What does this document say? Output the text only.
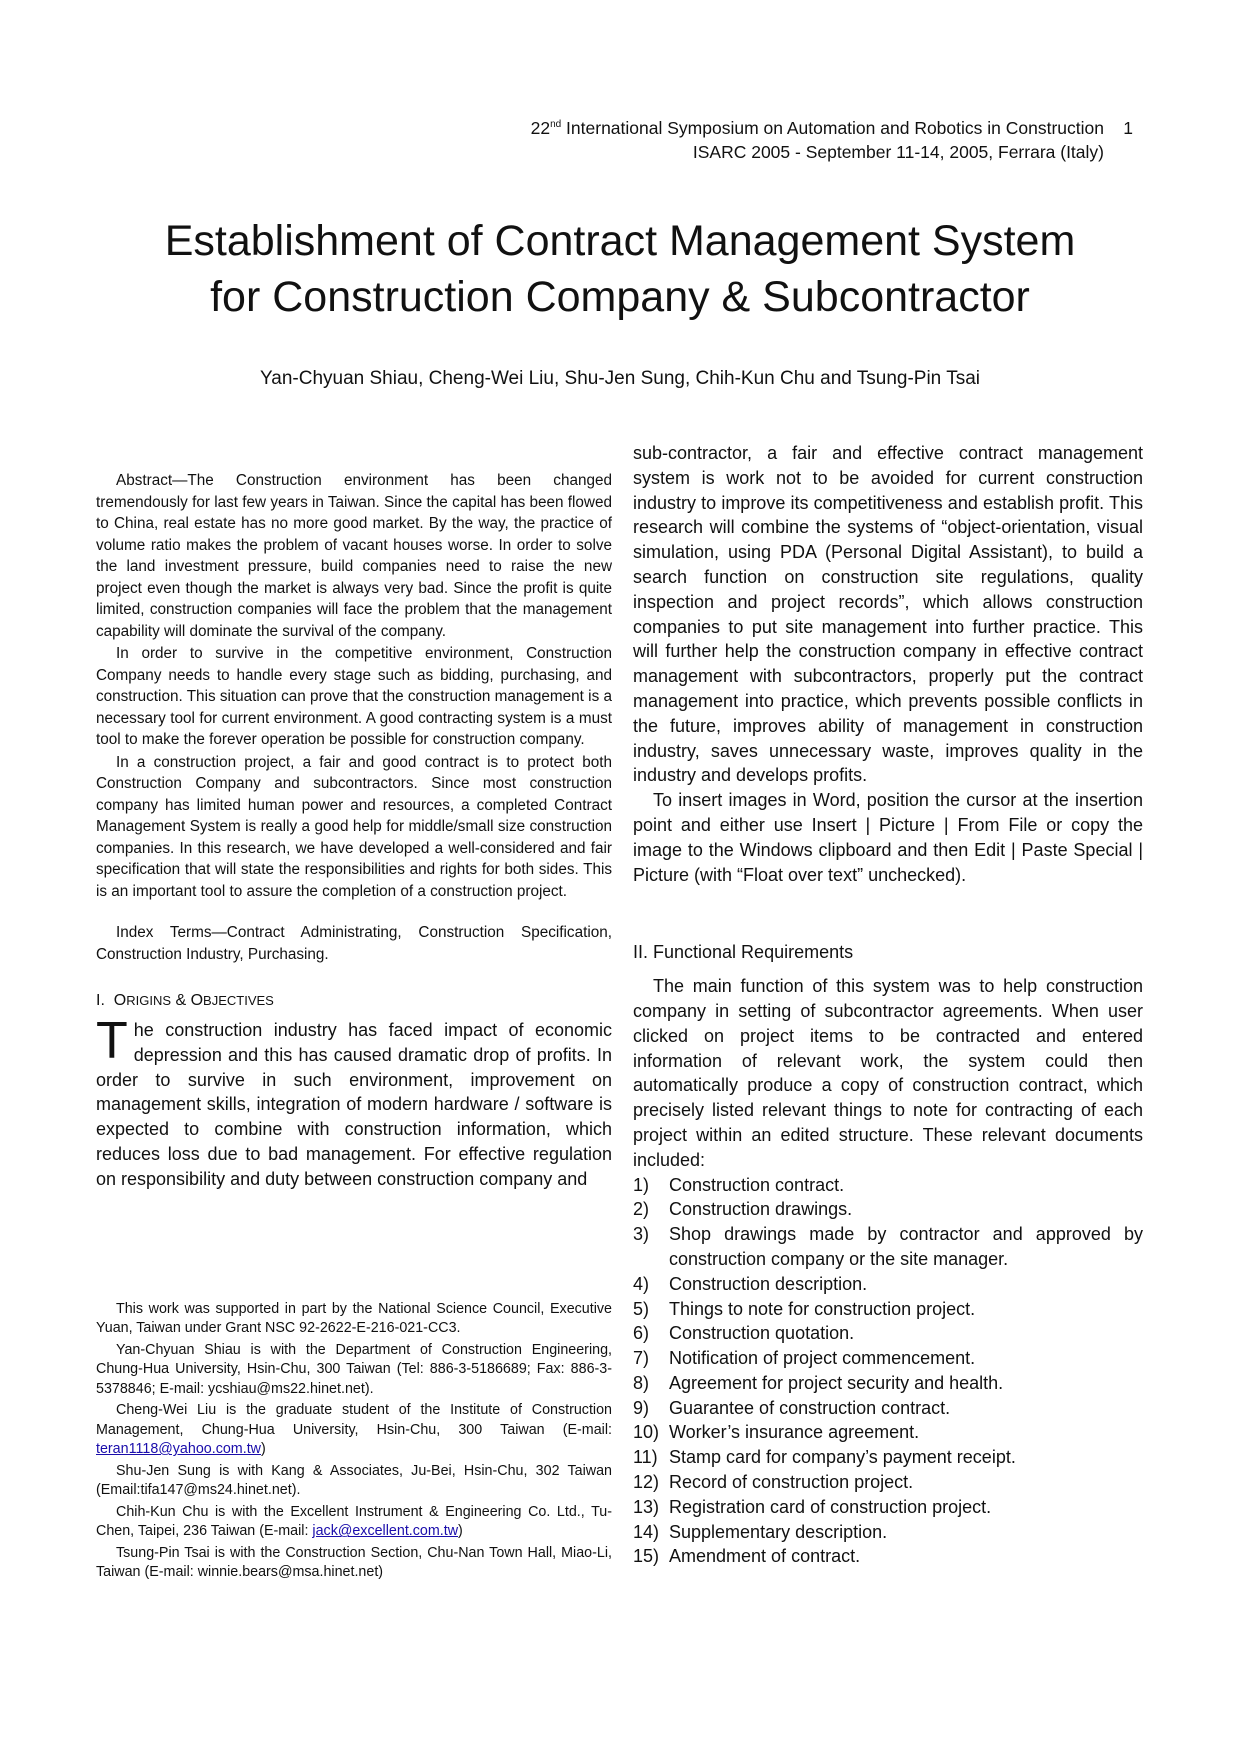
22nd International Symposium on Automation and Robotics in Construction
ISARC 2005 - September 11-14, 2005, Ferrara (Italy)
1
Establishment of Contract Management System
for Construction Company & Subcontractor
Yan-Chyuan Shiau, Cheng-Wei Liu, Shu-Jen Sung, Chih-Kun Chu and Tsung-Pin Tsai

Abstract—The Construction environment has been changed tremendously for last few years in Taiwan. Since the capital has been flowed to China, real estate has no more good market. By the way, the practice of volume ratio makes the problem of vacant houses worse. In order to solve the land investment pressure, build companies need to raise the new project even though the market is always very bad. Since the profit is quite limited, construction companies will face the problem that the management capability will dominate the survival of the company.

In order to survive in the competitive environment, Construction Company needs to handle every stage such as bidding, purchasing, and construction. This situation can prove that the construction management is a necessary tool for current environment. A good contracting system is a must tool to make the forever operation be possible for construction company.

In a construction project, a fair and good contract is to protect both Construction Company and subcontractors. Since most construction company has limited human power and resources, a completed Contract Management System is really a good help for middle/small size construction companies. In this research, we have developed a well-considered and fair specification that will state the responsibilities and rights for both sides. This is an important tool to assure the completion of a construction project.

Index Terms—Contract Administrating, Construction Specification, Construction Industry, Purchasing.

I. ORIGINS & OBJECTIVES

The construction industry has faced impact of economic depression and this has caused dramatic drop of profits. In order to survive in such environment, improvement on management skills, integration of modern hardware / software is expected to combine with construction information, which reduces loss due to bad management. For effective regulation on responsibility and duty between construction company and

This work was supported in part by the National Science Council, Executive Yuan, Taiwan under Grant NSC 92-2622-E-216-021-CC3.

Yan-Chyuan Shiau is with the Department of Construction Engineering, Chung-Hua University, Hsin-Chu, 300 Taiwan (Tel: 886-3-5186689; Fax: 886-3-5378846; E-mail: ycshiau@ms22.hinet.net).

Cheng-Wei Liu is the graduate student of the Institute of Construction Management, Chung-Hua University, Hsin-Chu, 300 Taiwan (E-mail: teran1118@yahoo.com.tw)

Shu-Jen Sung is with Kang & Associates, Ju-Bei, Hsin-Chu, 302 Taiwan (Email:tifa147@ms24.hinet.net).

Chih-Kun Chu is with the Excellent Instrument & Engineering Co. Ltd., Tu-Chen, Taipei, 236 Taiwan (E-mail: jack@excellent.com.tw)

Tsung-Pin Tsai is with the Construction Section, Chu-Nan Town Hall, Miao-Li, Taiwan (E-mail: winnie.bears@msa.hinet.net)

sub-contractor, a fair and effective contract management system is work not to be avoided for current construction industry to improve its competitiveness and establish profit. This research will combine the systems of “object-orientation, visual simulation, using PDA (Personal Digital Assistant), to build a search function on construction site regulations, quality inspection and project records”, which allows construction companies to put site management into further practice. This will further help the construction company in effective contract management with subcontractors, properly put the contract management into practice, which prevents possible conflicts in the future, improves ability of management in construction industry, saves unnecessary waste, improves quality in the industry and develops profits.

To insert images in Word, position the cursor at the insertion point and either use Insert | Picture | From File or copy the image to the Windows clipboard and then Edit | Paste Special | Picture (with “Float over text” unchecked).

II. Functional Requirements

The main function of this system was to help construction company in setting of subcontractor agreements. When user clicked on project items to be contracted and entered information of relevant work, the system could then automatically produce a copy of construction contract, which precisely listed relevant things to note for contracting of each project within an edited structure. These relevant documents included:

1) Construction contract.
2) Construction drawings.
3) Shop drawings made by contractor and approved by construction company or the site manager.
4) Construction description.
5) Things to note for construction project.
6) Construction quotation.
7) Notification of project commencement.
8) Agreement for project security and health.
9) Guarantee of construction contract.
10) Worker’s insurance agreement.
11) Stamp card for company’s payment receipt.
12) Record of construction project.
13) Registration card of construction project.
14) Supplementary description.
15) Amendment of contract.
